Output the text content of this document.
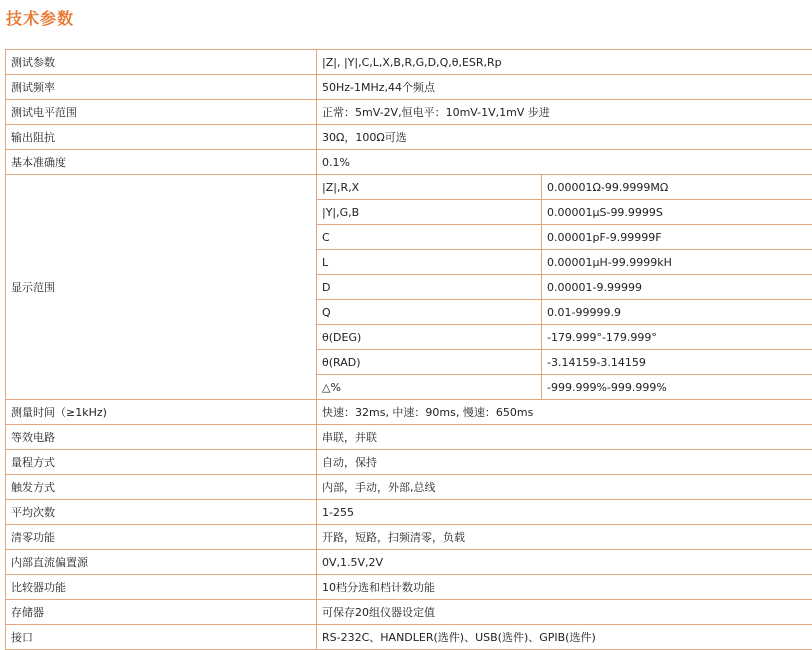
技术参数
测试参数	|Z|, |Y|,C,L,X,B,R,G,D,Q,θ,ESR,Rp
测试频率	50Hz-1MHz,44个频点
测试电平范围	正常：5mV-2V,恒电平：10mV-1V,1mV 步进
输出阻抗	30Ω，100Ω可选
基本准确度	0.1%
显示范围	
|Z|,R,X	0.00001Ω-99.9999MΩ
|Y|,G,B	0.00001μS-99.9999S
C	0.00001pF-9.99999F
L	0.00001μH-99.9999kH
D	0.00001-9.99999
Q	0.01-99999.9
θ(DEG)	-179.999°-179.999°
θ(RAD)	-3.14159-3.14159
△%	-999.999%-999.999%

测量时间（≥1kHz)	快速：32ms, 中速：90ms, 慢速：650ms
等效电路	串联，并联
量程方式	自动，保持
触发方式	内部，手动，外部,总线
平均次数	1-255
清零功能	开路，短路，扫频清零，负载
内部直流偏置源	0V,1.5V,2V
比较器功能	10档分选和档计数功能
存储器	可保存20组仪器设定值
接口	RS-232C、HANDLER(选件)、USB(选件)、GPIB(选件)
